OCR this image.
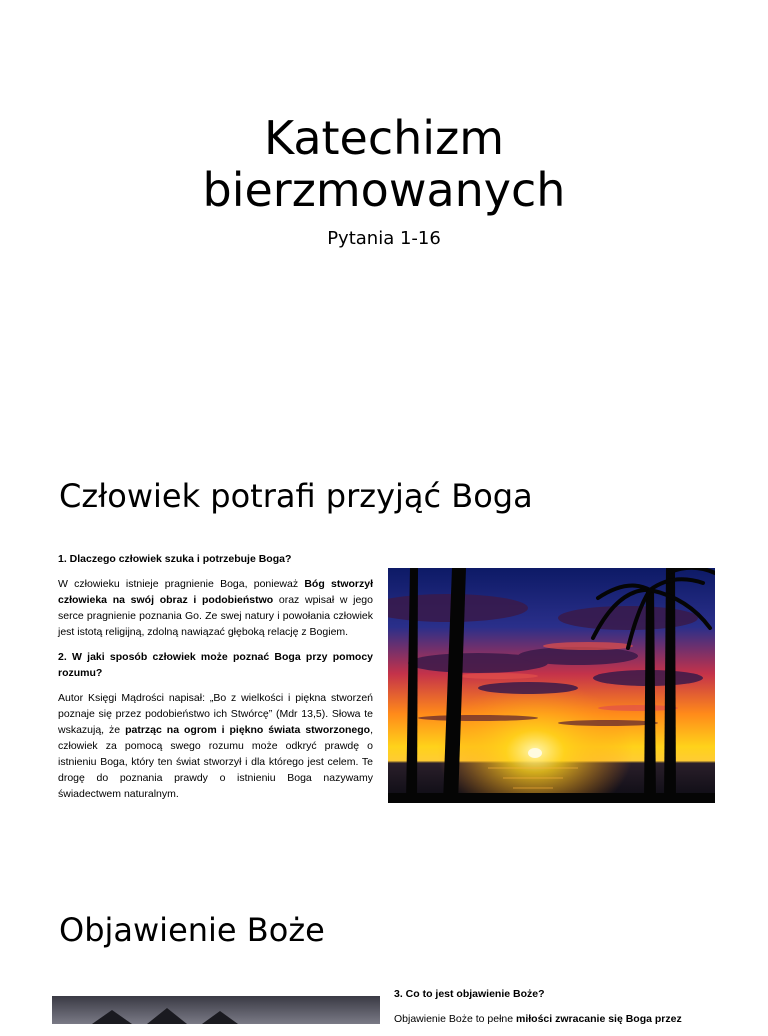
Katechizm
bierzmowanych
Pytania 1-16
Człowiek potrafi przyjąć Boga

1. Dlaczego człowiek szuka i potrzebuje Boga?

W człowieku istnieje pragnienie Boga, ponieważ Bóg stworzył człowieka na swój obraz i podobieństwo oraz wpisał w jego serce pragnienie poznania Go. Ze swej natury i powołania człowiek jest istotą religijną, zdolną nawiązać głęboką relację z Bogiem.

2. W jaki sposób człowiek może poznać Boga przy pomocy rozumu?

Autor Księgi Mądrości napisał: „Bo z wielkości i piękna stworzeń poznaje się przez podobieństwo ich Stwórcę” (Mdr 13,5). Słowa te wskazują, że patrząc na ogrom i piękno świata stworzonego, człowiek za pomocą swego rozumu może odkryć prawdę o istnieniu Boga, który ten świat stworzył i dla którego jest celem. Te drogę do poznania prawdy o istnieniu Boga nazywamy świadectwem naturalnym.

Objawienie Boże

3. Co to jest objawienie Boże?

Objawienie Boże to pełne miłości zwracanie się Boga przez
